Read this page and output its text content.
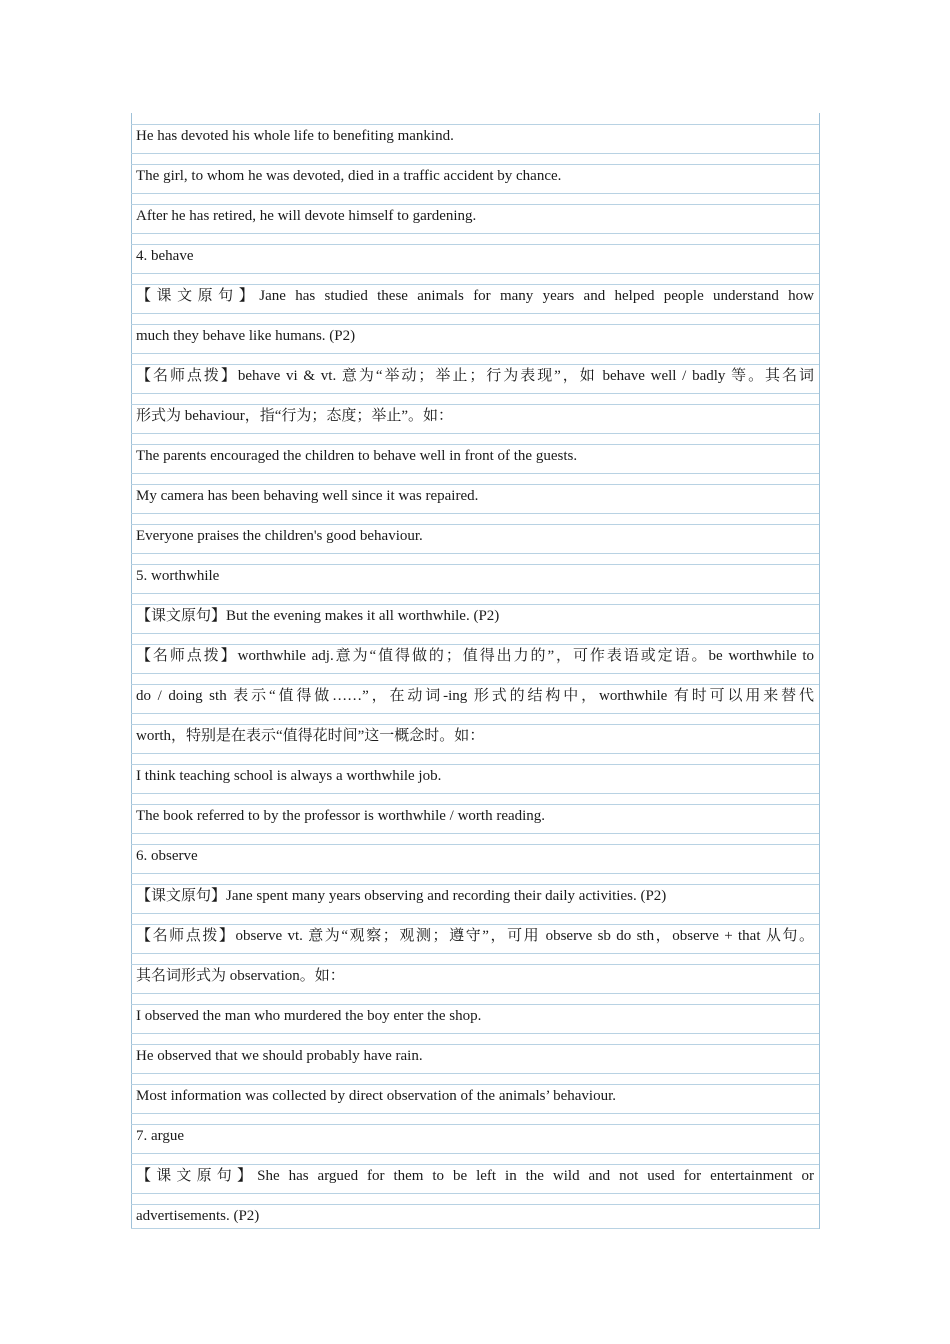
He has devoted his whole life to benefiting mankind.
The girl, to whom he was devoted, died in a traffic accident by chance.
After he has retired, he will devote himself to gardening.
4. behave
【课文原句】Jane has studied these animals for many years and helped people understand how
much they behave like humans. (P2)
【名师点拨】behave vi & vt. 意为“举动；举止；行为表现”，如 behave well / badly 等。其名词
形式为 behaviour，指“行为；态度；举止”。如：
The parents encouraged the children to behave well in front of the guests.
My camera has been behaving well since it was repaired.
Everyone praises the children's good behaviour.
5. worthwhile
【课文原句】But the evening makes it all worthwhile. (P2)
【名师点拨】worthwhile adj.意为“值得做的；值得出力的”，可作表语或定语。be worthwhile to
do / doing sth 表示“值得做……”，在动词-ing 形式的结构中，worthwhile 有时可以用来替代
worth，特别是在表示“值得花时间”这一概念时。如：
I think teaching school is always a worthwhile job.
The book referred to by the professor is worthwhile / worth reading.
6. observe
【课文原句】Jane spent many years observing and recording their daily activities. (P2)
【名师点拨】observe vt. 意为“观察；观测；遵守”，可用 observe sb do sth，observe + that 从句。
其名词形式为 observation。如：
I observed the man who murdered the boy enter the shop.
He observed that we should probably have rain.
Most information was collected by direct observation of the animals’ behaviour.
7. argue
【课文原句】She has argued for them to be left in the wild and not used for entertainment or
advertisements. (P2)
